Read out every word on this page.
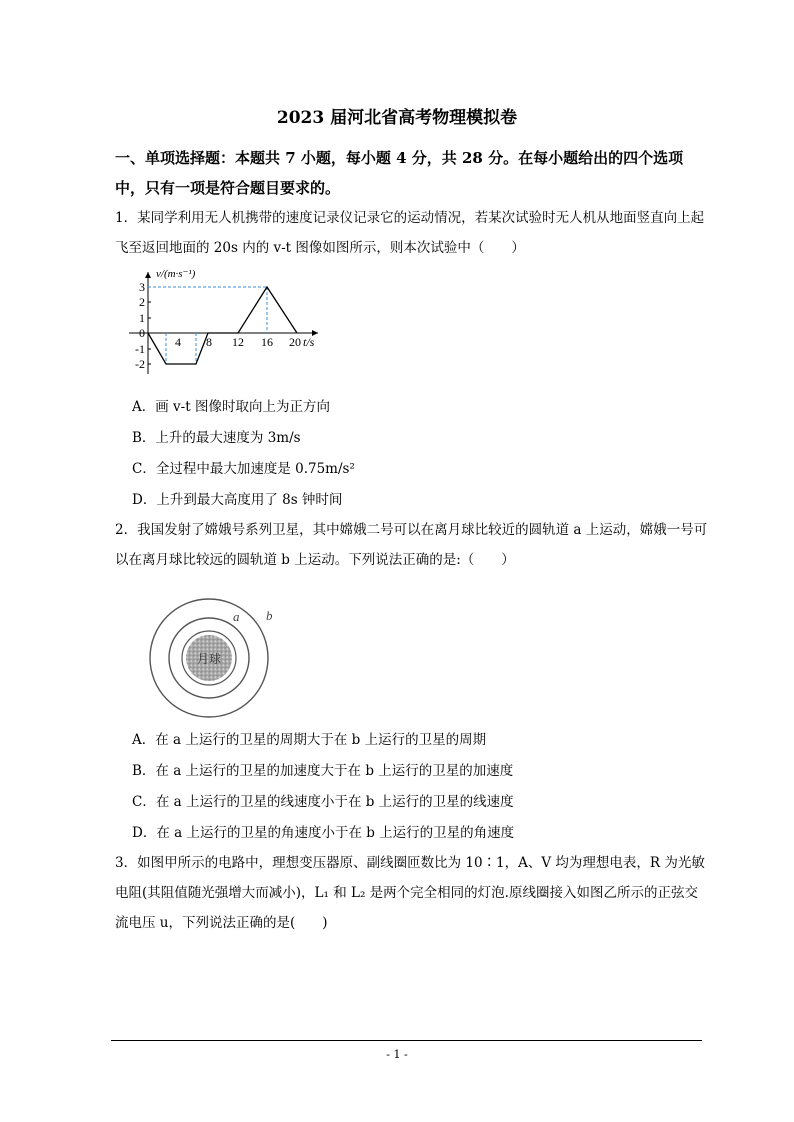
2023 届河北省高考物理模拟卷
一、单项选择题：本题共 7 小题，每小题 4 分，共 28 分。在每小题给出的四个选项中，只有一项是符合题目要求的。
1．某同学利用无人机携带的速度记录仪记录它的运动情况，若某次试验时无人机从地面竖直向上起飞至返回地面的 20s 内的 v-t 图像如图所示，则本次试验中（　　）
v/(m·s⁻¹)
t/s
0
3
2
1
-1
-2
4 8 12 16 20
A．画 v-t 图像时取向上为正方向
B．上升的最大速度为 3m/s
C．全过程中最大加速度是 0.75m/s²
D．上升到最大高度用了 8s 钟时间
2．我国发射了嫦娥号系列卫星，其中嫦娥二号可以在离月球比较近的圆轨道 a 上运动，嫦娥一号可以在离月球比较远的圆轨道 b 上运动。下列说法正确的是:（　　）
月球
a b
A．在 a 上运行的卫星的周期大于在 b 上运行的卫星的周期
B．在 a 上运行的卫星的加速度大于在 b 上运行的卫星的加速度
C．在 a 上运行的卫星的线速度小于在 b 上运行的卫星的线速度
D．在 a 上运行的卫星的角速度小于在 b 上运行的卫星的角速度
3．如图甲所示的电路中，理想变压器原、副线圈匝数比为 10∶1，A、V 均为理想电表，R 为光敏电阻(其阻值随光强增大而减小)，L₁ 和 L₂ 是两个完全相同的灯泡.原线圈接入如图乙所示的正弦交流电压 u，下列说法正确的是(　　)
- 1 -
